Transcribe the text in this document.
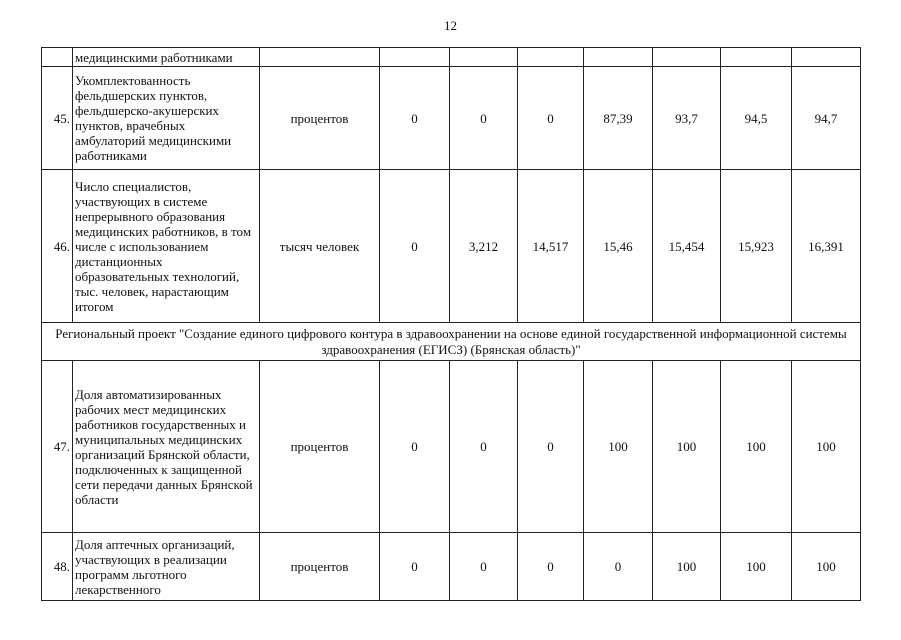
12
	медицинскими работниками								
45.	Укомплектованность фельдшерских пунктов, фельдшерско-акушерских пунктов, врачебных амбулаторий медицинскими работниками	процентов	0	0	0	87,39	93,7	94,5	94,7
46.	Число специалистов, участвующих в системе непрерывного образования медицинских работников, в том числе с использованием дистанционных образовательных технологий, тыс. человек, нарастающим итогом	тысяч человек	0	3,212	14,517	15,46	15,454	15,923	16,391
Региональный проект "Создание единого цифрового контура в здравоохранении на основе единой государственной информационной системы здравоохранения (ЕГИСЗ) (Брянская область)"									
47.	Доля автоматизированных рабочих мест медицинских работников государственных и муниципальных медицинских организаций Брянской области, подключенных к защищенной сети передачи данных Брянской области	процентов	0	0	0	100	100	100	100
48.	Доля аптечных организаций, участвующих в реализации программ льготного лекарственного	процентов	0	0	0	0	100	100	100
